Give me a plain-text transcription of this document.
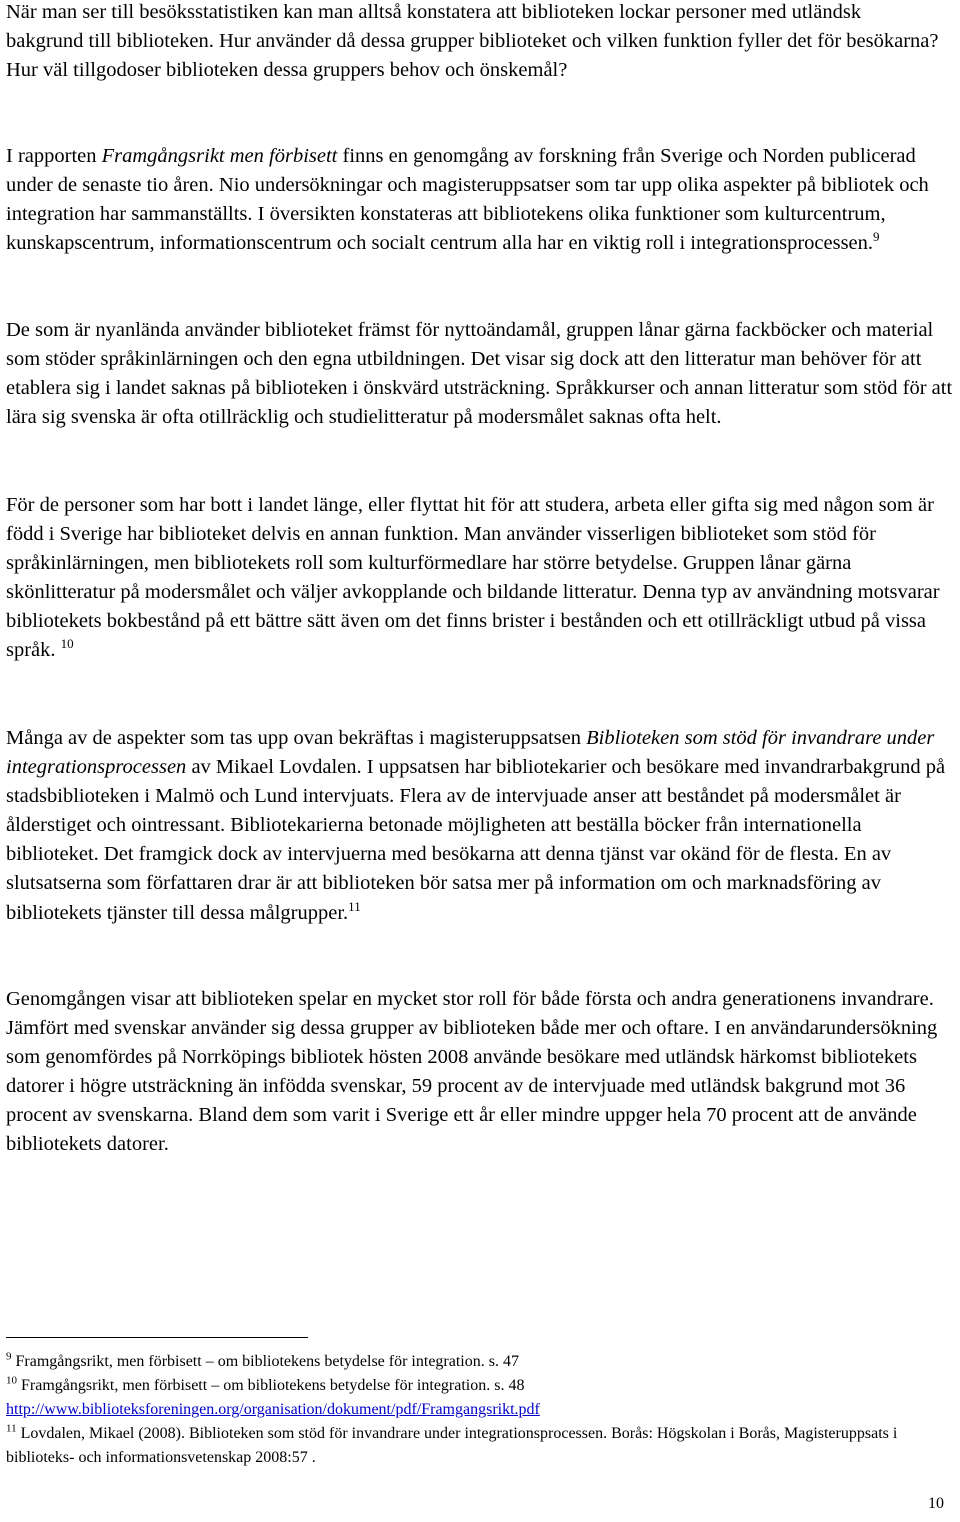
När man ser till besöksstatistiken kan man alltså konstatera att biblioteken lockar personer med utländsk bakgrund till biblioteken. Hur använder då dessa grupper biblioteket och vilken funktion fyller det för besökarna? Hur väl tillgodoser biblioteken dessa gruppers behov och önskemål?

I rapporten Framgångsrikt men förbisett finns en genomgång av forskning från Sverige och Norden publicerad under de senaste tio åren. Nio undersökningar och magisteruppsatser som tar upp olika aspekter på bibliotek och integration har sammanställts. I översikten konstateras att bibliotekens olika funktioner som kulturcentrum, kunskapscentrum, informationscentrum och socialt centrum alla har en viktig roll i integrationsprocessen.$^9$

De som är nyanlända använder biblioteket främst för nyttoändamål, gruppen lånar gärna fackböcker och material som stöder språkinlärningen och den egna utbildningen. Det visar sig dock att den litteratur man behöver för att etablera sig i landet saknas på biblioteken i önskvärd utsträckning. Språkkurser och annan litteratur som stöd för att lära sig svenska är ofta otillräcklig och studielitteratur på modersmålet saknas ofta helt.

För de personer som har bott i landet länge, eller flyttat hit för att studera, arbeta eller gifta sig med någon som är född i Sverige har biblioteket delvis en annan funktion. Man använder visserligen biblioteket som stöd för språkinlärningen, men bibliotekets roll som kulturförmedlare har större betydelse. Gruppen lånar gärna skönlitteratur på modersmålet och väljer avkopplande och bildande litteratur. Denna typ av användning motsvarar bibliotekets bokbestånd på ett bättre sätt även om det finns brister i bestånden och ett otillräckligt utbud på vissa språk. $^{10}$

Många av de aspekter som tas upp ovan bekräftas i magisteruppsatsen Biblioteken som stöd för invandrare under integrationsprocessen av Mikael Lovdalen. I uppsatsen har bibliotekarier och besökare med invandrarbakgrund på stadsbiblioteken i Malmö och Lund intervjuats. Flera av de intervjuade anser att beståndet på modersmålet är ålderstiget och ointressant. Bibliotekarierna betonade möjligheten att beställa böcker från internationella biblioteket. Det framgick dock av intervjuerna med besökarna att denna tjänst var okänd för de flesta. En av slutsatserna som författaren drar är att biblioteken bör satsa mer på information om och marknadsföring av bibliotekets tjänster till dessa målgrupper.$^{11}$

Genomgången visar att biblioteken spelar en mycket stor roll för både första och andra generationens invandrare. Jämfört med svenskar använder sig dessa grupper av biblioteken både mer och oftare. I en användarundersökning som genomfördes på Norrköpings bibliotek hösten 2008 använde besökare med utländsk härkomst bibliotekets datorer i högre utsträckning än infödda svenskar, 59 procent av de intervjuade med utländsk bakgrund mot 36 procent av svenskarna. Bland dem som varit i Sverige ett år eller mindre uppger hela 70 procent att de använde bibliotekets datorer.

$^9$ Framgångsrikt, men förbisett – om bibliotekens betydelse för integration. s. 47

$^{10}$ Framgångsrikt, men förbisett – om bibliotekens betydelse för integration. s. 48

http://www.biblioteksforeningen.org/organisation/dokument/pdf/Framgangsrikt.pdf

$^{11}$ Lovdalen, Mikael (2008). Biblioteken som stöd för invandrare under integrationsprocessen. Borås: Högskolan i Borås, Magisteruppsats i biblioteks- och informationsvetenskap 2008:57 .

10
